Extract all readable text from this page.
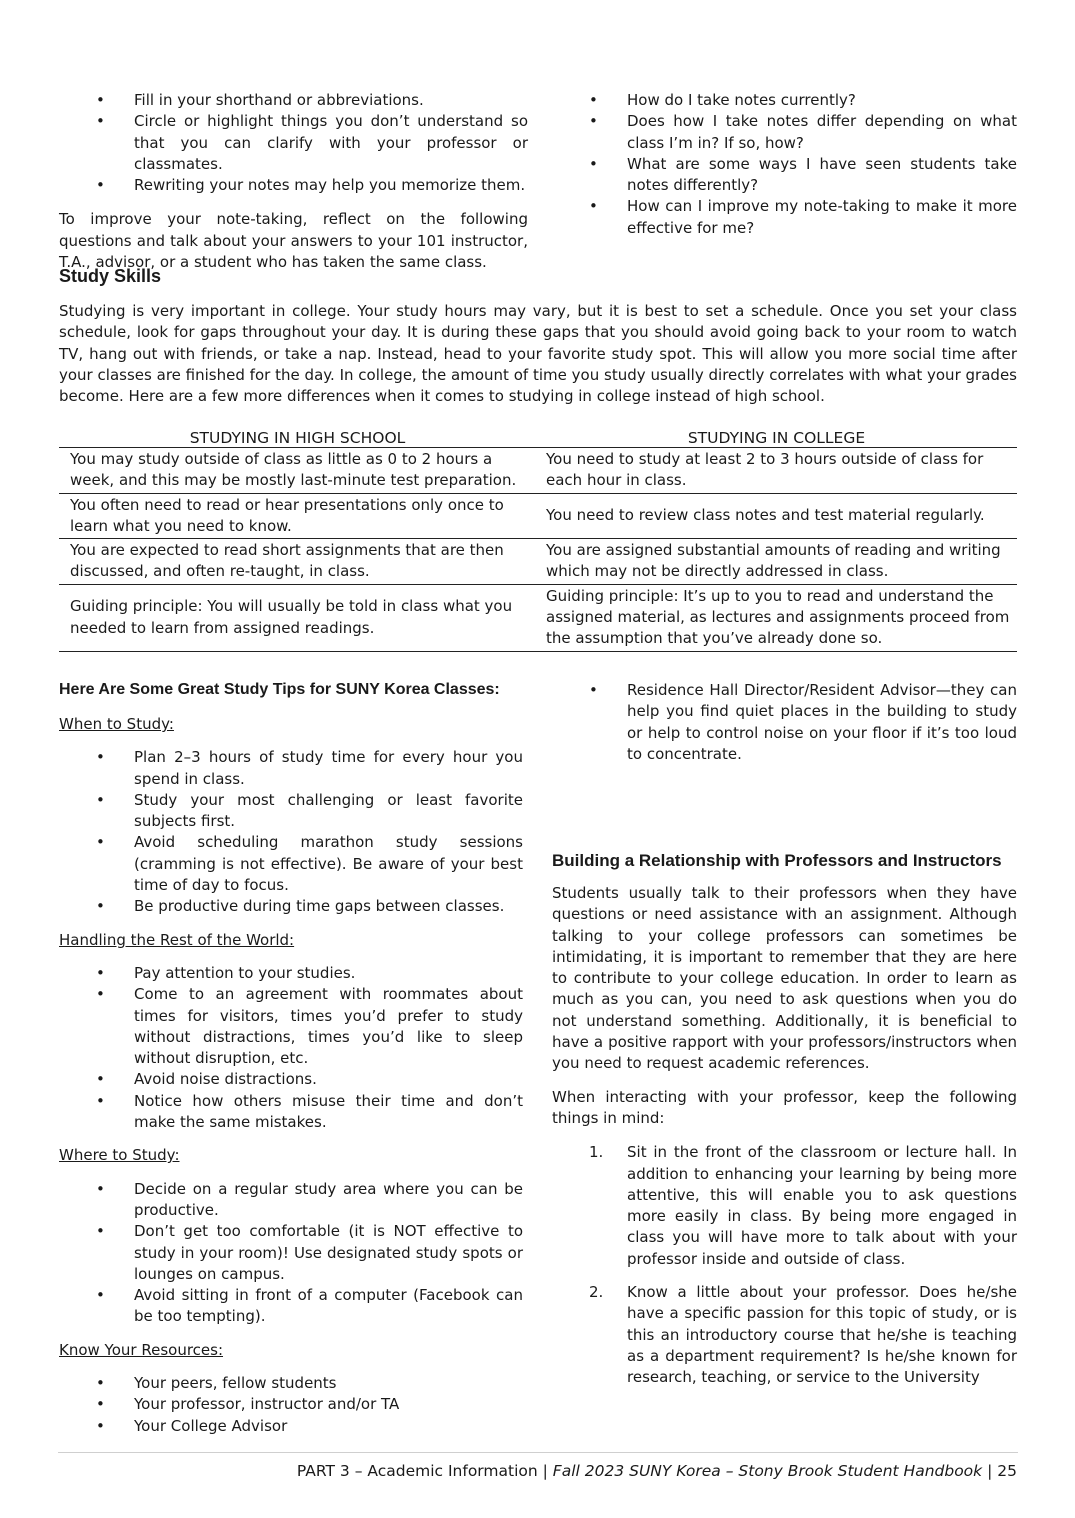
• Fill in your shorthand or abbreviations.
• Circle or highlight things you don’t understand so that you can clarify with your professor or classmates.
• Rewriting your notes may help you memorize them.

To improve your note-taking, reflect on the following questions and talk about your answers to your 101 instructor, T.A., advisor, or a student who has taken the same class.

• How do I take notes currently?
• Does how I take notes differ depending on what class I’m in? If so, how?
• What are some ways I have seen students take notes differently?
• How can I improve my note-taking to make it more effective for me?
Study Skills

Studying is very important in college. Your study hours may vary, but it is best to set a schedule. Once you set your class schedule, look for gaps throughout your day. It is during these gaps that you should avoid going back to your room to watch TV, hang out with friends, or take a nap. Instead, head to your favorite study spot. This will allow you more social time after your classes are finished for the day. In college, the amount of time you study usually directly correlates with what your grades become. Here are a few more differences when it comes to studying in college instead of high school.

STUDYING IN HIGH SCHOOL	STUDYING IN COLLEGE
You may study outside of class as little as 0 to 2 hours a week, and this may be mostly last-minute test preparation.	You need to study at least 2 to 3 hours outside of class for each hour in class.
You often need to read or hear presentations only once to learn what you need to know.	You need to review class notes and test material regularly.
You are expected to read short assignments that are then discussed, and often re-taught, in class.	You are assigned substantial amounts of reading and writing which may not be directly addressed in class.
Guiding principle: You will usually be told in class what you needed to learn from assigned readings.	Guiding principle: It’s up to you to read and understand the assigned material, as lectures and assignments proceed from the assumption that you’ve already done so.
Here Are Some Great Study Tips for SUNY Korea Classes:
When to Study:
• Plan 2–3 hours of study time for every hour you spend in class.
• Study your most challenging or least favorite subjects first.
• Avoid scheduling marathon study sessions (cramming is not effective). Be aware of your best time of day to focus.
• Be productive during time gaps between classes.
Handling the Rest of the World:
• Pay attention to your studies.
• Come to an agreement with roommates about times for visitors, times you’d prefer to study without distractions, times you’d like to sleep without disruption, etc.
• Avoid noise distractions.
• Notice how others misuse their time and don’t make the same mistakes.
Where to Study:
• Decide on a regular study area where you can be productive.
• Don’t get too comfortable (it is NOT effective to study in your room)! Use designated study spots or lounges on campus.
• Avoid sitting in front of a computer (Facebook can be too tempting).
Know Your Resources:
• Your peers, fellow students
• Your professor, instructor and/or TA
• Your College Advisor
• Residence Hall Director/Resident Advisor—they can help you find quiet places in the building to study or help to control noise on your floor if it’s too loud to concentrate.
Building a Relationship with Professors and Instructors

Students usually talk to their professors when they have questions or need assistance with an assignment. Although talking to your college professors can sometimes be intimidating, it is important to remember that they are here to contribute to your college education. In order to learn as much as you can, you need to ask questions when you do not understand something. Additionally, it is beneficial to have a positive rapport with your professors/instructors when you need to request academic references.

When interacting with your professor, keep the following things in mind:

1. Sit in the front of the classroom or lecture hall. In addition to enhancing your learning by being more attentive, this will enable you to ask questions more easily in class. By being more engaged in class you will have more to talk about with your professor inside and outside of class.
2. Know a little about your professor. Does he/she have a specific passion for this topic of study, or is this an introductory course that he/she is teaching as a department requirement? Is he/she known for research, teaching, or service to the University
PART 3 – Academic Information | Fall 2023 SUNY Korea – Stony Brook Student Handbook | 25
